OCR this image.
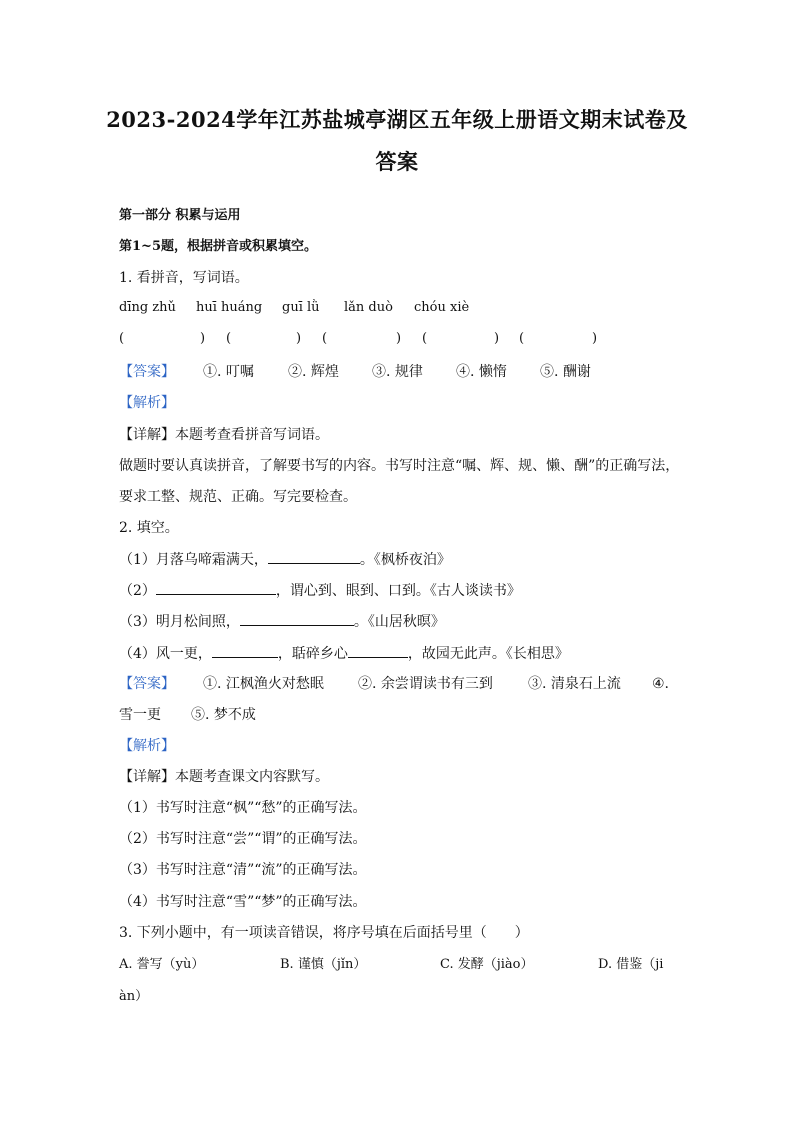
2023-2024学年江苏盐城亭湖区五年级上册语文期末试卷及
答案
第一部分 积累与运用
第1~5题，根据拼音或积累填空。
1. 看拼音，写词语。
dīng zhǔ huī huáng guī lǜ lǎn duò chóu xiè
(	) (	) (	) (	) (	)
【答案】 ①. 叮嘱 ②. 辉煌 ③. 规律 ④. 懒惰 ⑤. 酬谢
【解析】
【详解】本题考查看拼音写词语。
做题时要认真读拼音，了解要书写的内容。书写时注意“嘱、辉、规、懒、酬”的正确写法，
要求工整、规范、正确。写完要检查。
2. 填空。
（1）月落乌啼霜满天，	。《枫桥夜泊》
（2）	，谓心到、眼到、口到。《古人谈读书》
（3）明月松间照，	。《山居秋暝》
（4）风一更，	，聒碎乡心	，故园无此声。《长相思》
【答案】 ①. 江枫渔火对愁眠 ②. 余尝谓读书有三到	③. 清泉石上流 ④.
雪一更 ⑤. 梦不成
【解析】
【详解】本题考查课文内容默写。
（1）书写时注意“枫”“愁”的正确写法。
（2）书写时注意“尝”“谓”的正确写法。
（3）书写时注意“清”“流”的正确写法。
（4）书写时注意“雪”“梦”的正确写法。
3. 下列小题中，有一项读音错误，将序号填在后面括号里（　　）
A. 誊写（yù）	B. 谨慎（jǐn）	C. 发酵（jiào）	D. 借鉴（ji
àn）
